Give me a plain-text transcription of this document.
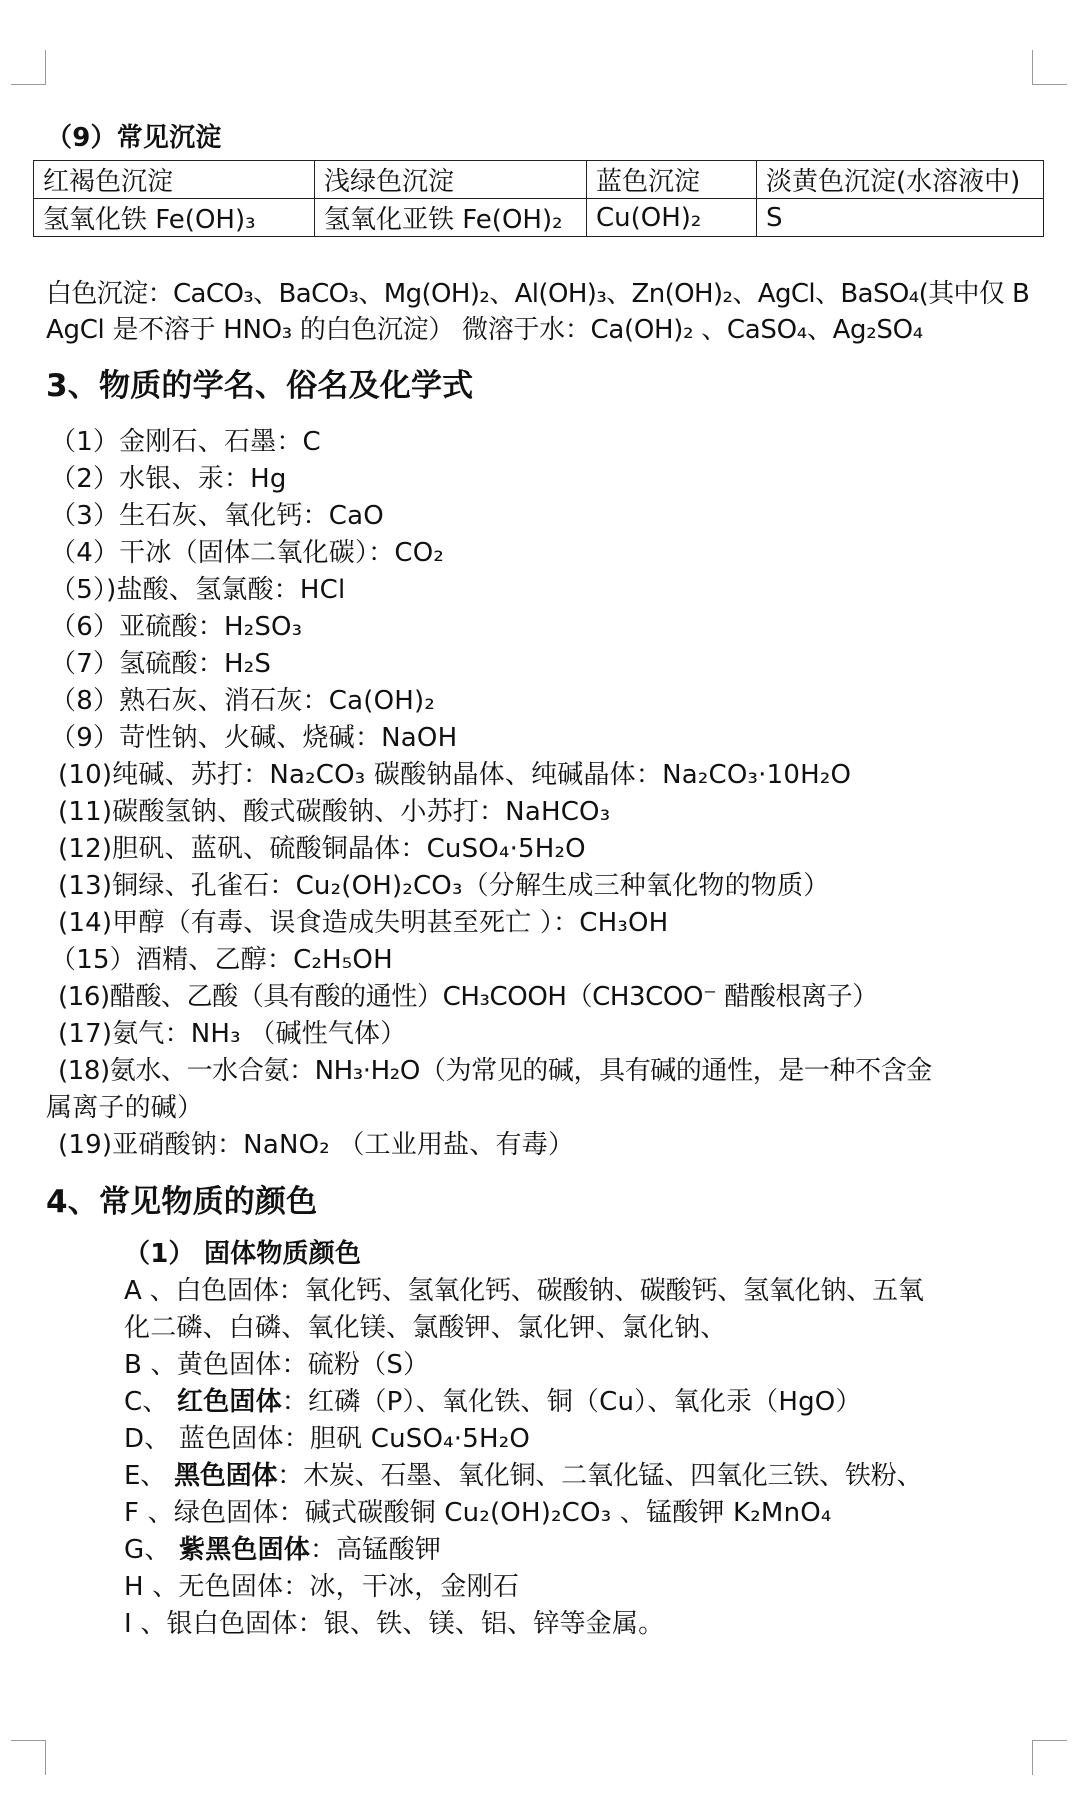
（9）常见沉淀
红褐色沉淀	浅绿色沉淀	蓝色沉淀	淡黄色沉淀(水溶液中)
氢氧化铁 Fe(OH)₃	氢氧化亚铁 Fe(OH)₂	Cu(OH)₂	S
白色沉淀：CaCO₃、BaCO₃、Mg(OH)₂、Al(OH)₃、Zn(OH)₂、AgCl、BaSO₄(其中仅 B
AgCl 是不溶于 HNO₃ 的白色沉淀） 微溶于水：Ca(OH)₂ 、CaSO₄、Ag₂SO₄
3、物质的学名、俗名及化学式
（1）金刚石、石墨：C
（2）水银、汞：Hg
（3）生石灰、氧化钙：CaO
（4）干冰（固体二氧化碳）：CO₂
（5）)盐酸、氢氯酸：HCl
（6）亚硫酸：H₂SO₃
（7）氢硫酸：H₂S
（8）熟石灰、消石灰：Ca(OH)₂
（9）苛性钠、火碱、烧碱：NaOH
(10)纯碱、苏打：Na₂CO₃ 碳酸钠晶体、纯碱晶体：Na₂CO₃·10H₂O
(11)碳酸氢钠、酸式碳酸钠、小苏打：NaHCO₃
(12)胆矾、蓝矾、硫酸铜晶体：CuSO₄·5H₂O
(13)铜绿、孔雀石：Cu₂(OH)₂CO₃（分解生成三种氧化物的物质）
(14)甲醇（有毒、误食造成失明甚至死亡 ）：CH₃OH
（15）酒精、乙醇：C₂H₅OH
(16)醋酸、乙酸（具有酸的通性）CH₃COOH（CH3COO⁻ 醋酸根离子）
(17)氨气：NH₃ （碱性气体）
(18)氨水、一水合氨：NH₃·H₂O（为常见的碱，具有碱的通性，是一种不含金
属离子的碱）
(19)亚硝酸钠：NaNO₂ （工业用盐、有毒）
4、常见物质的颜色
（1） 固体物质颜色
A 、白色固体：氧化钙、氢氧化钙、碳酸钠、碳酸钙、氢氧化钠、五氧
化二磷、白磷、氧化镁、氯酸钾、氯化钾、氯化钠、
B 、黄色固体：硫粉（S）
C、 红色固体：红磷（P）、氧化铁、铜（Cu）、氧化汞（HgO）
D、 蓝色固体：胆矾 CuSO₄·5H₂O
E、 黑色固体：木炭、石墨、氧化铜、二氧化锰、四氧化三铁、铁粉、
F 、绿色固体：碱式碳酸铜 Cu₂(OH)₂CO₃ 、锰酸钾 K₂MnO₄
G、 紫黑色固体：高锰酸钾
H 、无色固体：冰，干冰，金刚石
I 、银白色固体：银、铁、镁、铝、锌等金属。
